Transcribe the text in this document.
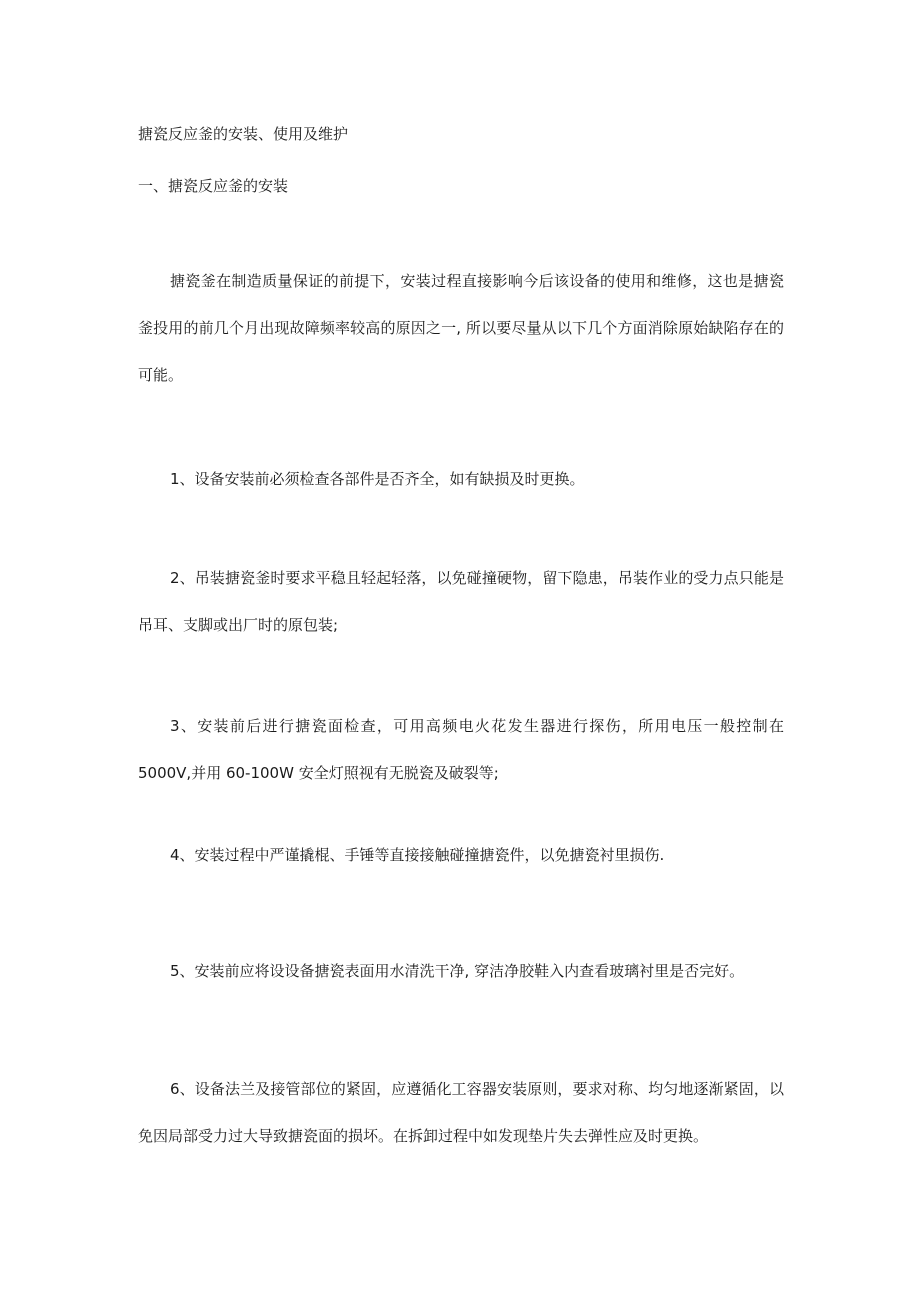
搪瓷反应釜的安装、使用及维护

一、搪瓷反应釜的安装

搪瓷釜在制造质量保证的前提下，安装过程直接影响今后该设备的使用和维修，这也是搪瓷釜投用的前几个月出现故障频率较高的原因之一, 所以要尽量从以下几个方面消除原始缺陷存在的可能。

1、设备安装前必须检查各部件是否齐全，如有缺损及时更换。

2、吊装搪瓷釜时要求平稳且轻起轻落，以免碰撞硬物，留下隐患，吊装作业的受力点只能是吊耳、支脚或出厂时的原包装;

3、安装前后进行搪瓷面检查，可用高频电火花发生器进行探伤，所用电压一般控制在5000V,并用 60-100W 安全灯照视有无脱瓷及破裂等;

4、安装过程中严谨撬棍、手锤等直接接触碰撞搪瓷件，以免搪瓷衬里损伤.

5、安装前应将设设备搪瓷表面用水清洗干净, 穿洁净胶鞋入内查看玻璃衬里是否完好。

6、设备法兰及接管部位的紧固，应遵循化工容器安装原则，要求对称、均匀地逐渐紧固，以免因局部受力过大导致搪瓷面的损坏。在拆卸过程中如发现垫片失去弹性应及时更换。
